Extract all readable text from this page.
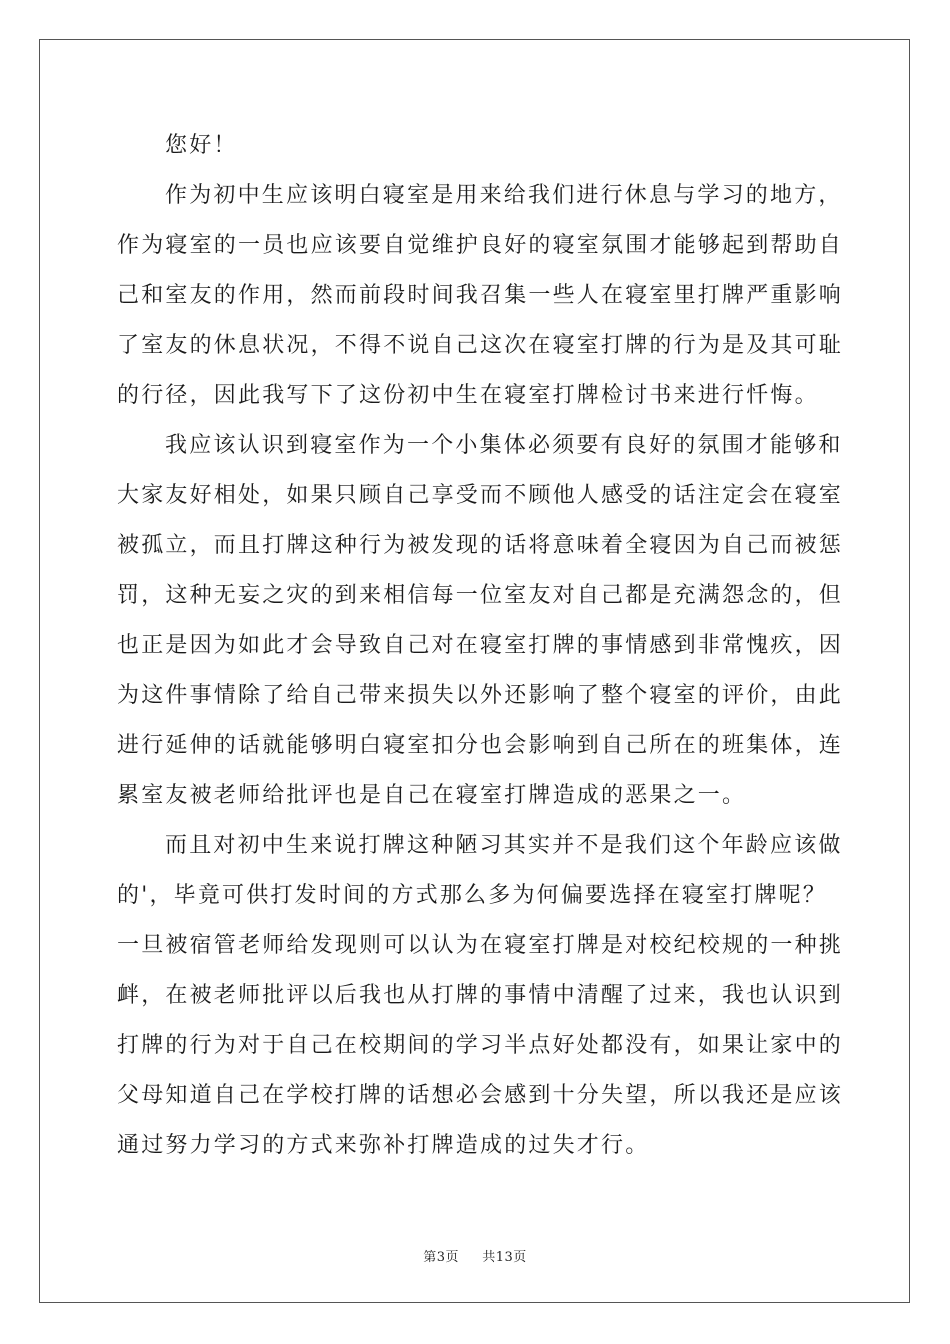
您好！

作为初中生应该明白寝室是用来给我们进行休息与学习的地方，
作为寝室的一员也应该要自觉维护良好的寝室氛围才能够起到帮助自
己和室友的作用，然而前段时间我召集一些人在寝室里打牌严重影响
了室友的休息状况，不得不说自己这次在寝室打牌的行为是及其可耻
的行径，因此我写下了这份初中生在寝室打牌检讨书来进行忏悔。

我应该认识到寝室作为一个小集体必须要有良好的氛围才能够和
大家友好相处，如果只顾自己享受而不顾他人感受的话注定会在寝室
被孤立，而且打牌这种行为被发现的话将意味着全寝因为自己而被惩
罚，这种无妄之灾的到来相信每一位室友对自己都是充满怨念的，但
也正是因为如此才会导致自己对在寝室打牌的事情感到非常愧疚，因
为这件事情除了给自己带来损失以外还影响了整个寝室的评价，由此
进行延伸的话就能够明白寝室扣分也会影响到自己所在的班集体，连
累室友被老师给批评也是自己在寝室打牌造成的恶果之一。

而且对初中生来说打牌这种陋习其实并不是我们这个年龄应该做
的'，毕竟可供打发时间的方式那么多为何偏要选择在寝室打牌呢？
一旦被宿管老师给发现则可以认为在寝室打牌是对校纪校规的一种挑
衅，在被老师批评以后我也从打牌的事情中清醒了过来，我也认识到
打牌的行为对于自己在校期间的学习半点好处都没有，如果让家中的
父母知道自己在学校打牌的话想必会感到十分失望，所以我还是应该
通过努力学习的方式来弥补打牌造成的过失才行。

第3页 共13页
